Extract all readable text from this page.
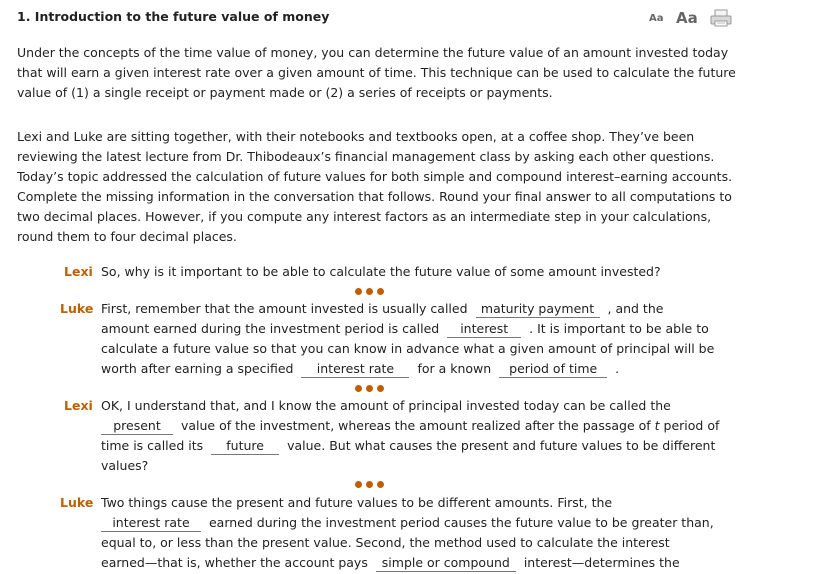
1. Introduction to the future value of money	Aa Aa

Under the concepts of the time value of money, you can determine the future value of an amount invested today that will earn a given interest rate over a given amount of time. This technique can be used to calculate the future value of (1) a single receipt or payment made or (2) a series of receipts or payments.

Lexi and Luke are sitting together, with their notebooks and textbooks open, at a coffee shop. They’ve been reviewing the latest lecture from Dr. Thibodeaux’s financial management class by asking each other questions. Today’s topic addressed the calculation of future values for both simple and compound interest–earning accounts. Complete the missing information in the conversation that follows. Round your final answer to all computations to two decimal places. However, if you compute any interest factors as an intermediate step in your calculations, round them to four decimal places.

Lexi So, why is it important to be able to calculate the future value of some amount invested?
Luke First, remember that the amount invested is usually called maturity payment , and the
amount earned during the investment period is called interest . It is important to be able to
calculate a future value so that you can know in advance what a given amount of principal will be
worth after earning a specified interest rate for a known period of time .
Lexi OK, I understand that, and I know the amount of principal invested today can be called the
present value of the investment, whereas the amount realized after the passage of t period of
time is called its future value. But what causes the present and future values to be different
values?
Luke Two things cause the present and future values to be different amounts. First, the
interest rate earned during the investment period causes the future value to be greater than,
equal to, or less than the present value. Second, the method used to calculate the interest
earned—that is, whether the account pays simple or compound interest—determines the
